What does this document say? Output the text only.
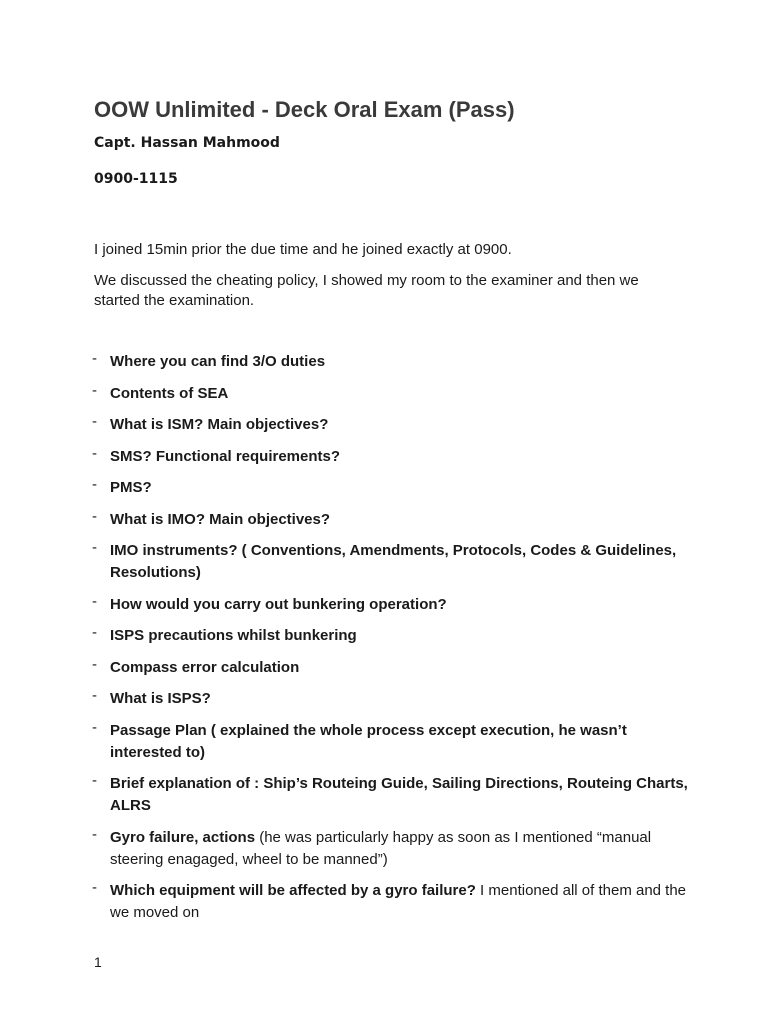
OOW Unlimited - Deck Oral Exam (Pass)

Capt. Hassan Mahmood

0900-1115

I joined 15min prior the due time and he joined exactly at 0900.

We discussed the cheating policy, I showed my room to the examiner and then we started the examination.

- Where you can find 3/O duties
- Contents of SEA
- What is ISM? Main objectives?
- SMS? Functional requirements?
- PMS?
- What is IMO? Main objectives?
- IMO instruments? ( Conventions, Amendments, Protocols, Codes & Guidelines, Resolutions)
- How would you carry out bunkering operation?
- ISPS precautions whilst bunkering
- Compass error calculation
- What is ISPS?
- Passage Plan ( explained the whole process except execution, he wasn’t interested to)
- Brief explanation of : Ship’s Routeing Guide, Sailing Directions, Routeing Charts, ALRS
- Gyro failure, actions (he was particularly happy as soon as I mentioned “manual steering enagaged, wheel to be manned”)
- Which equipment will be affected by a gyro failure? I mentioned all of them and the we moved on

1
